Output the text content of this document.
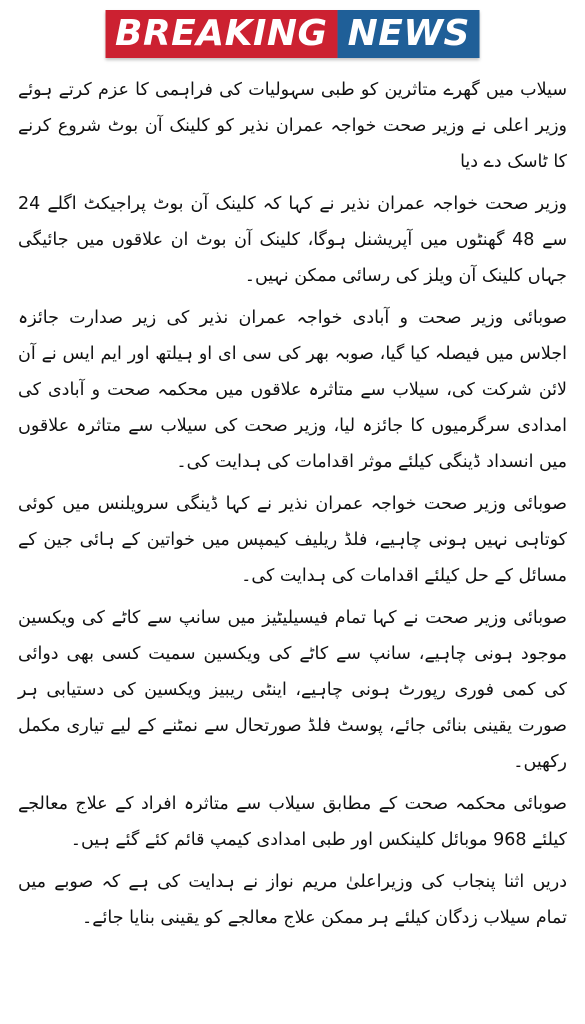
BREAKING NEWS

سیلاب میں گھرے متاثرین کو طبی سہولیات کی فراہمی کا عزم کرتے ہوئے وزیر اعلی نے وزیر صحت خواجہ عمران نذیر کو کلینک آن بوٹ شروع کرنے کا ٹاسک دے دیا

وزیر صحت خواجہ عمران نذیر نے کہا کہ کلینک آن بوٹ پراجیکٹ اگلے 24 سے 48 گھنٹوں میں آپریشنل ہوگا، کلینک آن بوٹ ان علاقوں میں جائیگی جہاں کلینک آن ویلز کی رسائی ممکن نہیں۔

صوبائی وزیر صحت و آبادی خواجہ عمران نذیر کی زیر صدارت جائزہ اجلاس میں فیصلہ کیا گیا، صوبہ بھر کی سی ای او ہیلتھ اور ایم ایس نے آن لائن شرکت کی، سیلاب سے متاثرہ علاقوں میں محکمہ صحت و آبادی کی امدادی سرگرمیوں کا جائزہ لیا، وزیر صحت کی سیلاب سے متاثرہ علاقوں میں انسداد ڈینگی کیلئے موثر اقدامات کی ہدایت کی۔

صوبائی وزیر صحت خواجہ عمران نذیر نے کہا ڈینگی سرویلنس میں کوئی کوتاہی نہیں ہونی چاہیے، فلڈ ریلیف کیمپس میں خواتین کے ہائی جین کے مسائل کے حل کیلئے اقدامات کی ہدایت کی۔

صوبائی وزیر صحت نے کہا تمام فیسیلیٹیز میں سانپ سے کاٹے کی ویکسین موجود ہونی چاہیے، سانپ سے کاٹے کی ویکسین سمیت کسی بھی دوائی کی کمی فوری رپورٹ ہونی چاہیے، اینٹی ریبیز ویکسین کی دستیابی ہر صورت یقینی بنائی جائے، پوسٹ فلڈ صورتحال سے نمٹنے کے لیے تیاری مکمل رکھیں۔

صوبائی محکمہ صحت کے مطابق سیلاب سے متاثرہ افراد کے علاج معالجے کیلئے 968 موبائل کلینکس اور طبی امدادی کیمپ قائم کئے گئے ہیں۔

دریں اثنا پنجاب کی وزیراعلیٰ مریم نواز نے ہدایت کی ہے کہ صوبے میں تمام سیلاب زدگان کیلئے ہر ممکن علاج معالجے کو یقینی بنایا جائے۔
